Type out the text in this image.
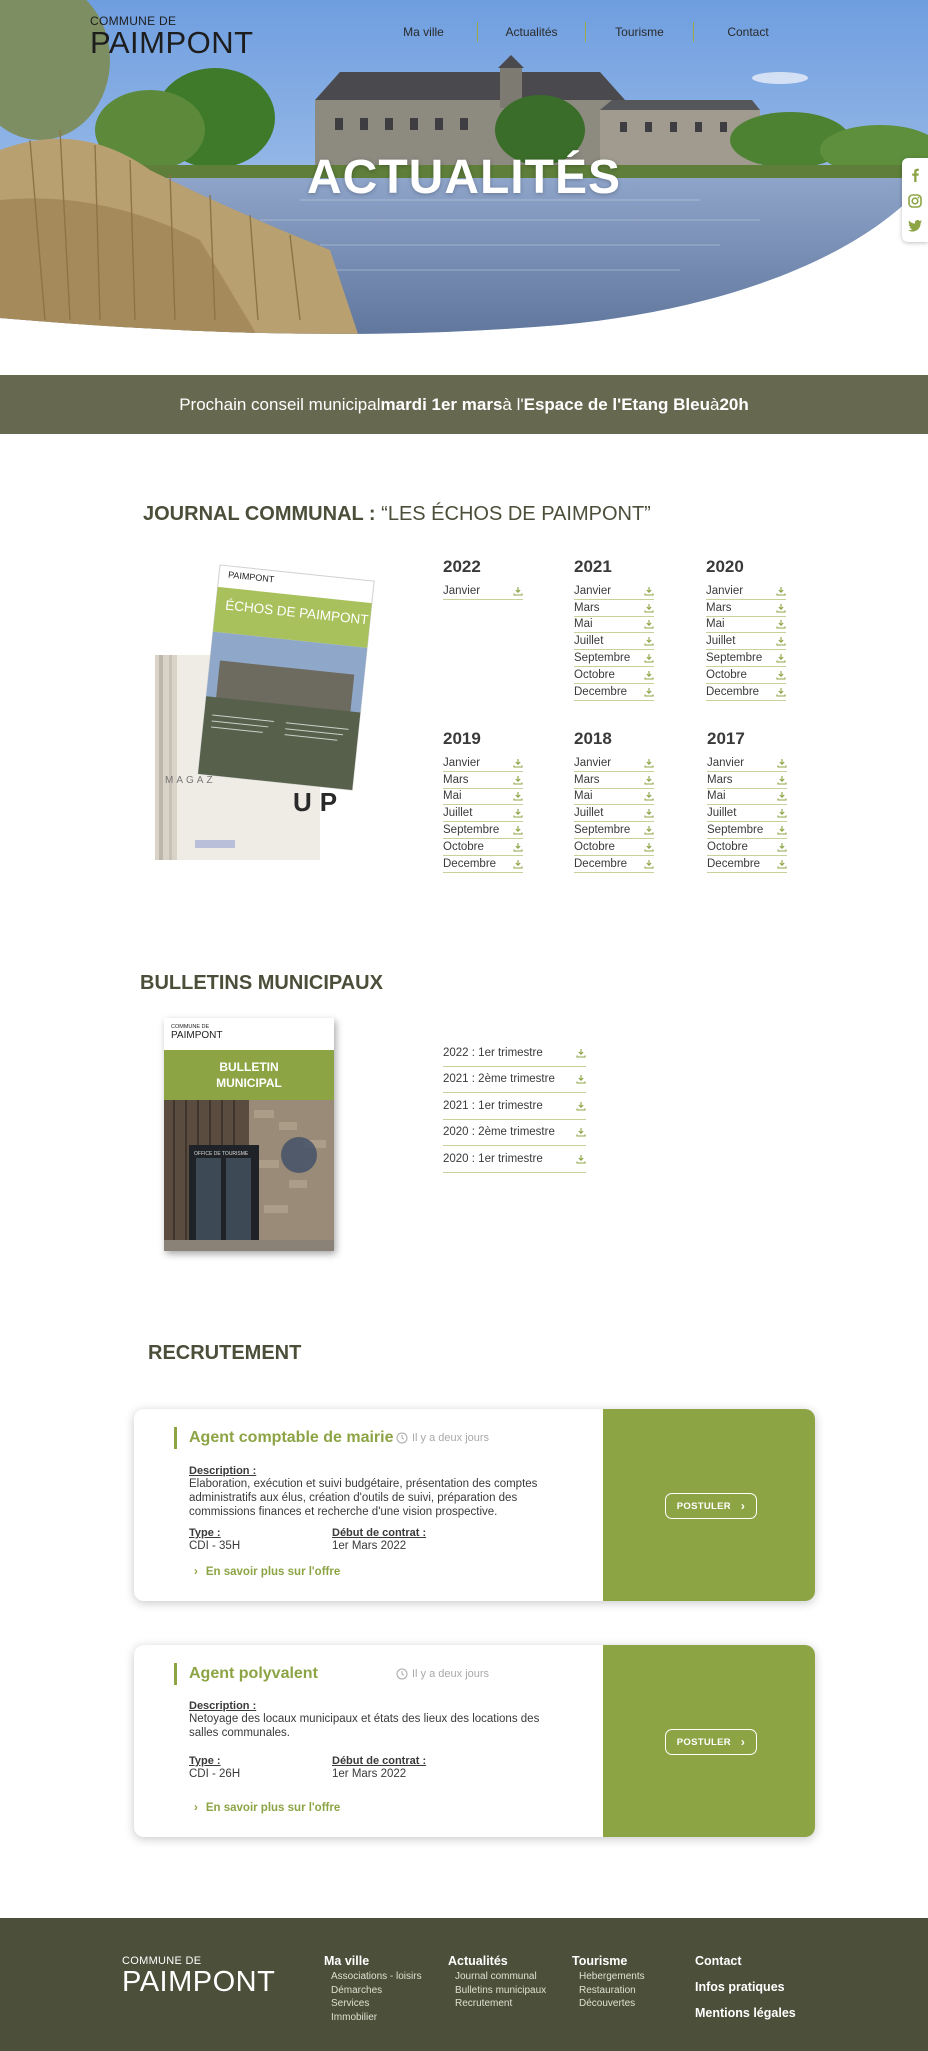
COMMUNE DE
PAIMPONT	Ma ville	Actualités	Tourisme	Contact
ACTUALITÉS
Prochain conseil municipal mardi 1er mars à l' Espace de l'Etang Bleu à 20h
JOURNAL COMMUNAL : “LES ÉCHOS DE PAIMPONT”
PAIMPONT
ÉCHOS DE PAIMPONT
MAGAZ
UP
2022
Janvier
2021
Janvier
Mars
Mai
Juillet
Septembre
Octobre
Decembre
2020
Janvier
Mars
Mai
Juillet
Septembre
Octobre
Decembre
2019
Janvier
Mars
Mai
Juillet
Septembre
Octobre
Decembre
2018
Janvier
Mars
Mai
Juillet
Septembre
Octobre
Decembre
2017
Janvier
Mars
Mai
Juillet
Septembre
Octobre
Decembre
BULLETINS MUNICIPAUX
COMMUNE DE
PAIMPONT
BULLETIN
MUNICIPAL
OFFICE DE TOURISME
2022 : 1er trimestre
2021 : 2ème trimestre
2021 : 1er trimestre
2020 : 2ème trimestre
2020 : 1er trimestre
RECRUTEMENT
Agent comptable de mairie Il y a deux jours
Description :
Elaboration, exécution et suivi budgétaire, présentation des comptes administratifs aux élus, création d'outils de suivi, préparation des commissions finances et recherche d'une vision prospective.
Type :
CDI - 35H
Début de contrat :
1er Mars 2022
› En savoir plus sur l'offre
POSTULER ›
Agent polyvalent	Il y a deux jours
Description :
Netoyage des locaux municipaux et états des lieux des locations des salles communales.
Type :
CDI - 26H
Début de contrat :
1er Mars 2022
› En savoir plus sur l'offre
POSTULER ›
COMMUNE DE
PAIMPONT
Ma ville
Associations - loisirs
Démarches
Services
Immobilier
Actualités
Journal communal
Bulletins municipaux
Recrutement
Tourisme
Hebergements
Restauration
Découvertes
Contact
Infos pratiques
Mentions légales
